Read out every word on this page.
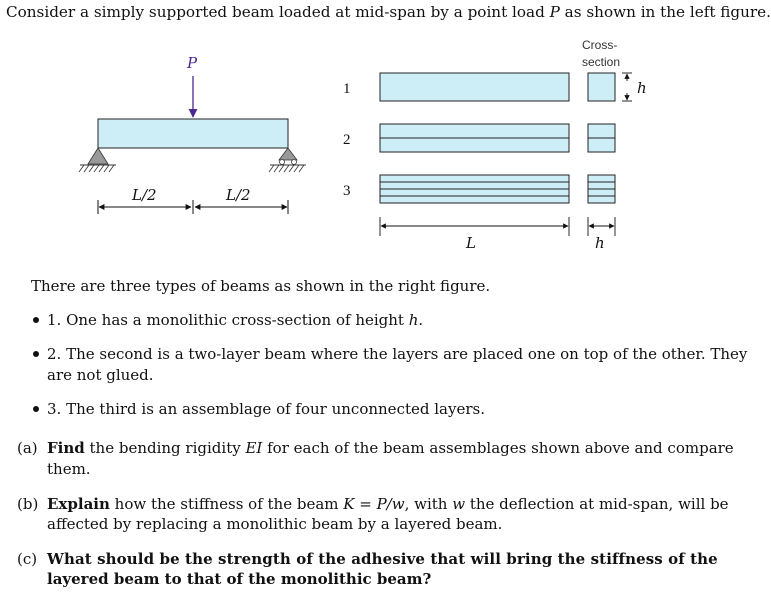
Consider a simply supported beam loaded at mid-span by a point load P as shown in the left figure.
P
L/2	L/2
Cross-
section
1
2
3
h
L	h
There are three types of beams as shown in the right figure.
1. One has a monolithic cross-section of height h.
2. The second is a two-layer beam where the layers are placed one on top of the other. They
are not glued.
3. The third is an assemblage of four unconnected layers.
(a) Find the bending rigidity EI for each of the beam assemblages shown above and compare
them.
(b) Explain how the stiffness of the beam K = P/w, with w the deflection at mid-span, will be
affected by replacing a monolithic beam by a layered beam.
(c) What should be the strength of the adhesive that will bring the stiffness of the
layered beam to that of the monolithic beam?
